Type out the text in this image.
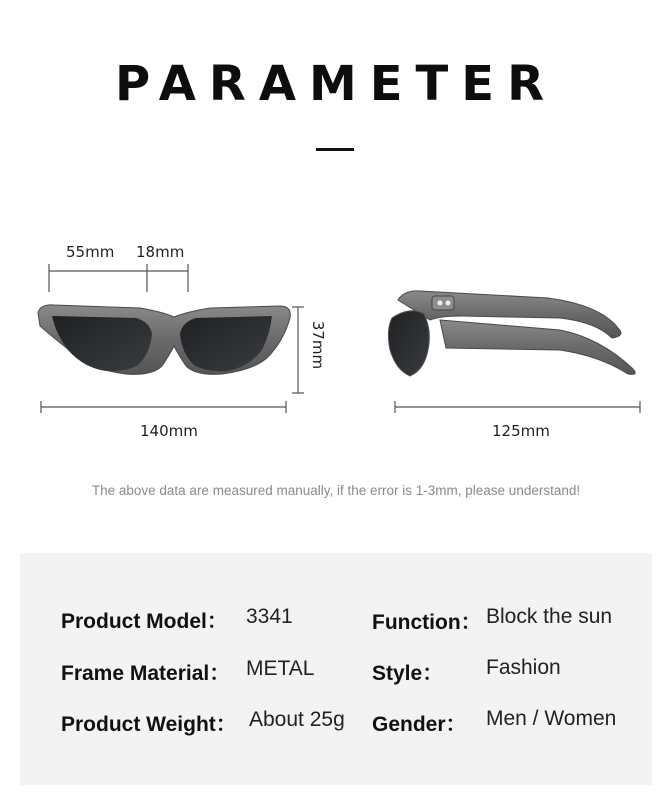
PARAMETER
55mm 18mm
37mm
140mm	125mm
The above data are measured manually, if the error is 1-3mm, please understand!
Product Model： 3341
Frame Material： METAL
Product Weight： About 25g
Function： Block the sun
Style： Fashion
Gender： Men / Women
